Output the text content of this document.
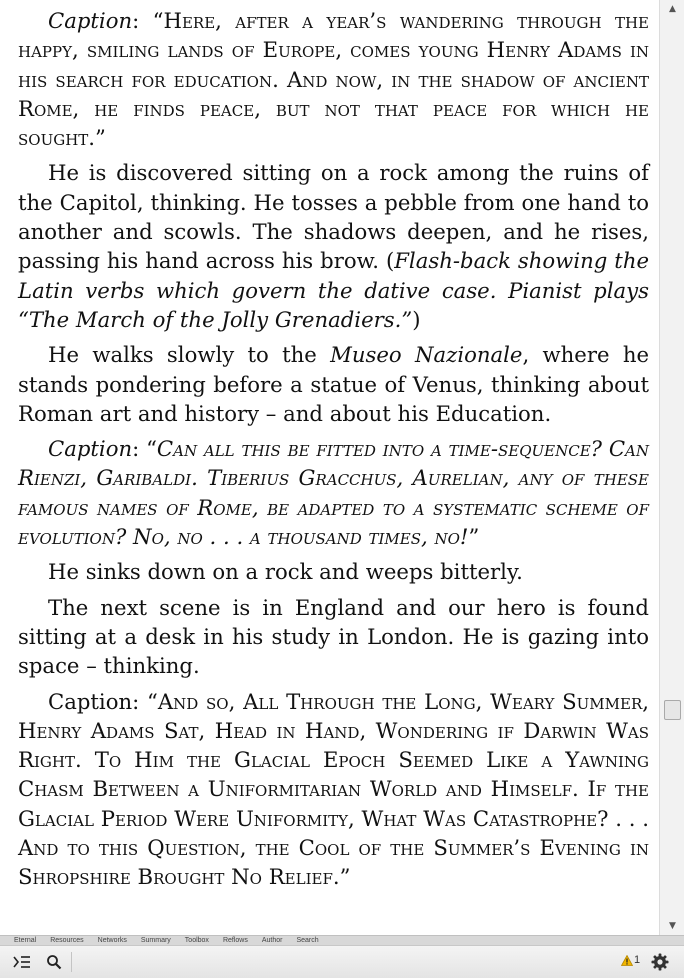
Caption: “Here, after a year’s wandering through the happy, smiling lands of Europe, comes young Henry Adams in his search for education. And now, in the shadow of ancient Rome, he finds peace, but not that peace for which he sought.”

He is discovered sitting on a rock among the ruins of the Capitol, thinking. He tosses a pebble from one hand to another and scowls. The shadows deepen, and he rises, passing his hand across his brow. (Flash-back showing the Latin verbs which govern the dative case. Pianist plays “The March of the Jolly Grenadiers.”)

He walks slowly to the Museo Nazionale, where he stands pondering before a statue of Venus, thinking about Roman art and history – and about his Education.

Caption: “Can all this be fitted into a time-sequence? Can Rienzi, Garibaldi. Tiberius Gracchus, Aurelian, any of these famous names of Rome, be adapted to a systematic scheme of evolution? No, no . . . a thousand times, no!”

He sinks down on a rock and weeps bitterly.

The next scene is in England and our hero is found sitting at a desk in his study in London. He is gazing into space – thinking.

Caption: “And so, All Through the Long, Weary Summer, Henry Adams Sat, Head in Hand, Wondering if Darwin Was Right. To Him the Glacial Epoch Seemed Like a Yawning Chasm Between a Uniformitarian World and Himself. If the Glacial Period Were Uniformity, What Was Catastrophe? . . . And to this Question, the Cool of the Summer’s Evening in Shropshire Brought No Relief.”

▲
▼
Eternal Resources Networks Summary Toolbox Reflows Author Search
1
